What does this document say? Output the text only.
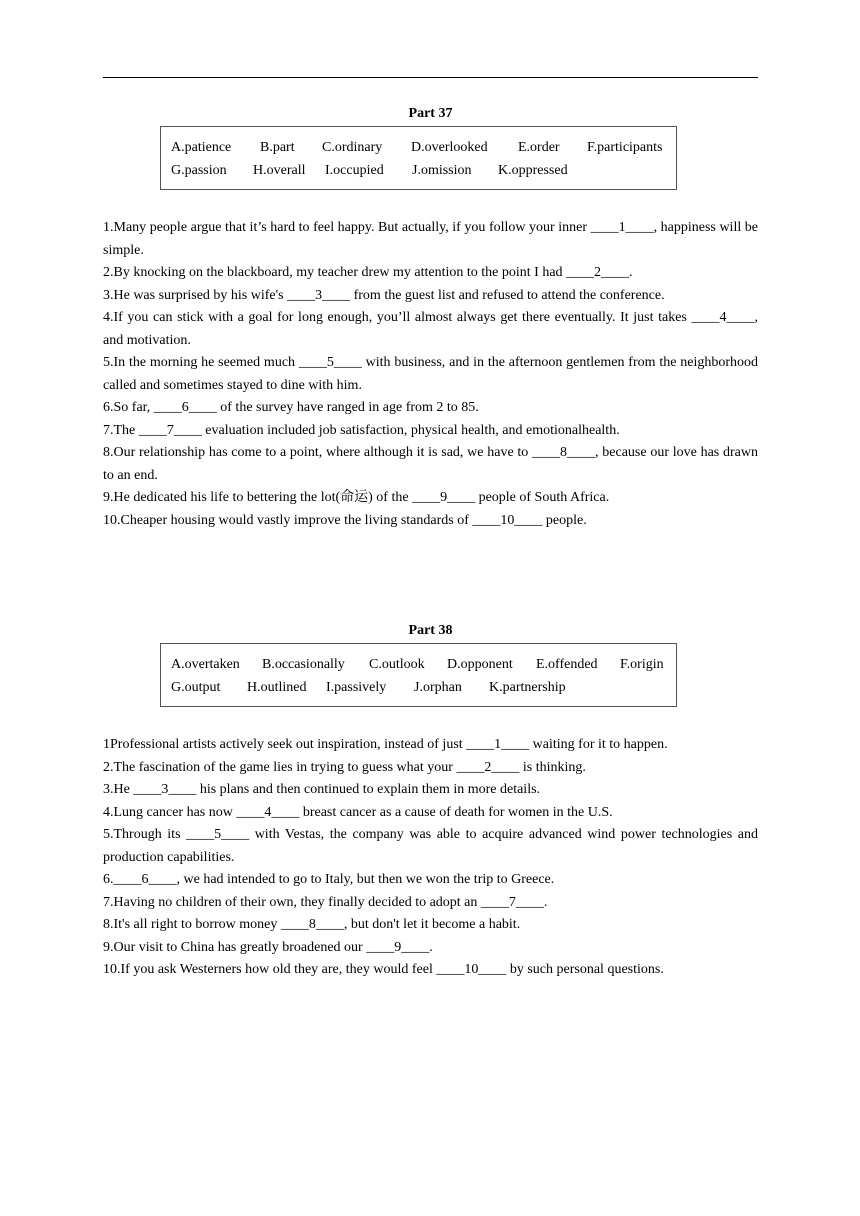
Part 37
A.patience	B.part	C.ordinary	D.overlooked	E.order	F.participants
G.passion	H.overall	I.occupied	J.omission	K.oppressed

1.Many people argue that it’s hard to feel happy. But actually, if you follow your inner ____1____, happiness will be simple.

2.By knocking on the blackboard, my teacher drew my attention to the point I had ____2____.

3.He was surprised by his wife's ____3____ from the guest list and refused to attend the conference.

4.If you can stick with a goal for long enough, you’ll almost always get there eventually. It just takes ____4____, and motivation.

5.In the morning he seemed much ____5____ with business, and in the afternoon gentlemen from the neighborhood called and sometimes stayed to dine with him.

6.So far, ____6____ of the survey have ranged in age from 2 to 85.

7.The ____7____ evaluation included job satisfaction, physical health, and emotionalhealth.

8.Our relationship has come to a point, where although it is sad, we have to ____8____, because our love has drawn to an end.

9.He dedicated his life to bettering the lot(命运) of the ____9____ people of South Africa.

10.Cheaper housing would vastly improve the living standards of ____10____ people.

Part 38
A.overtaken	B.occasionally	C.outlook	D.opponent	E.offended	F.origin
G.output	H.outlined	I.passively	J.orphan	K.partnership

1Professional artists actively seek out inspiration, instead of just ____1____ waiting for it to happen.

2.The fascination of the game lies in trying to guess what your ____2____ is thinking.

3.He ____3____ his plans and then continued to explain them in more details.

4.Lung cancer has now ____4____ breast cancer as a cause of death for women in the U.S.

5.Through its ____5____ with Vestas, the company was able to acquire advanced wind power technologies and production capabilities.

6.____6____, we had intended to go to Italy, but then we won the trip to Greece.

7.Having no children of their own, they finally decided to adopt an ____7____.

8.It's all right to borrow money ____8____, but don't let it become a habit.

9.Our visit to China has greatly broadened our ____9____.

10.If you ask Westerners how old they are, they would feel ____10____ by such personal questions.
